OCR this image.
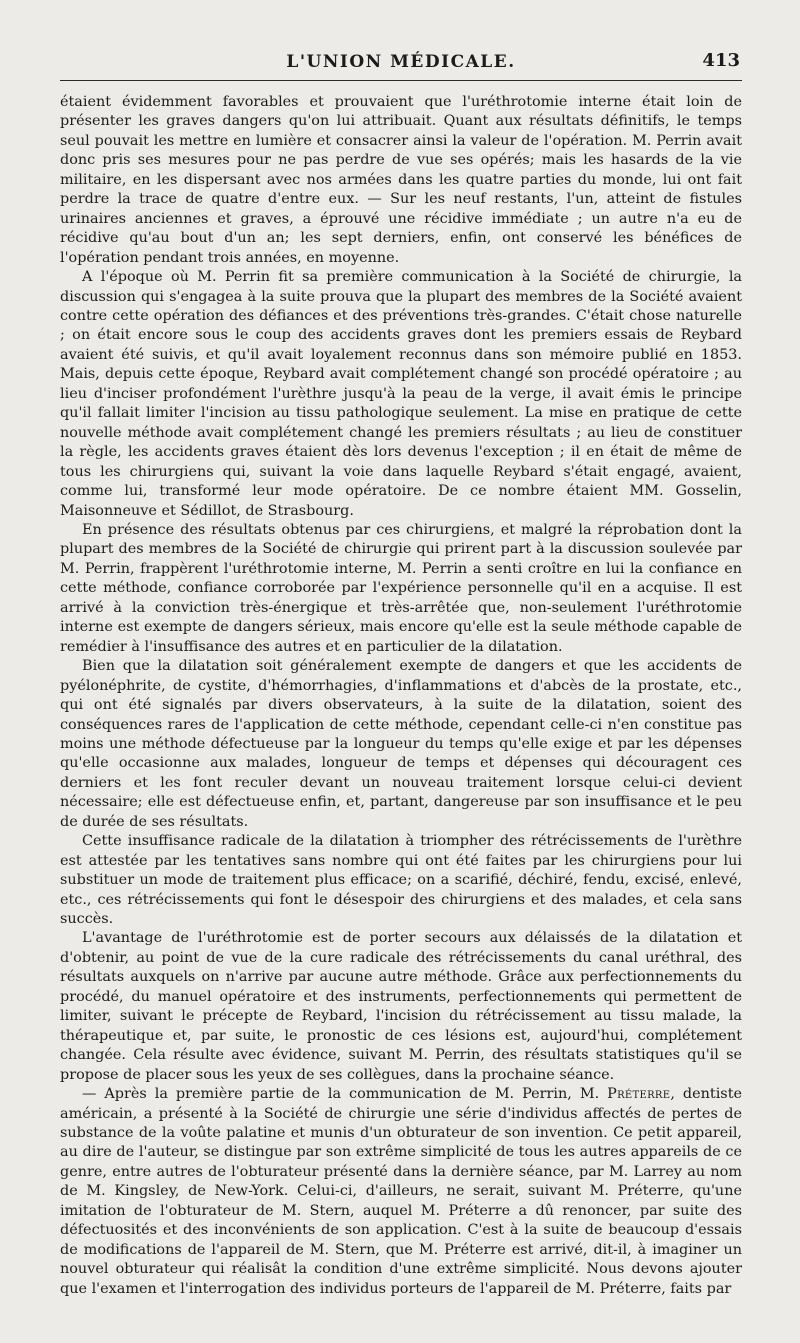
L'UNION MÉDICALE.	413

étaient évidemment favorables et prouvaient que l'uréthrotomie interne était loin de présenter les graves dangers qu'on lui attribuait. Quant aux résultats définitifs, le temps seul pouvait les mettre en lumière et consacrer ainsi la valeur de l'opération. M. Perrin avait donc pris ses mesures pour ne pas perdre de vue ses opérés; mais les hasards de la vie militaire, en les dispersant avec nos armées dans les quatre parties du monde, lui ont fait perdre la trace de quatre d'entre eux. — Sur les neuf restants, l'un, atteint de fistules urinaires anciennes et graves, a éprouvé une récidive immédiate ; un autre n'a eu de récidive qu'au bout d'un an; les sept derniers, enfin, ont conservé les bénéfices de l'opération pendant trois années, en moyenne.

A l'époque où M. Perrin fit sa première communication à la Société de chirurgie, la discussion qui s'engagea à la suite prouva que la plupart des membres de la Société avaient contre cette opération des défiances et des préventions très-grandes. C'était chose naturelle ; on était encore sous le coup des accidents graves dont les premiers essais de Reybard avaient été suivis, et qu'il avait loyalement reconnus dans son mémoire publié en 1853. Mais, depuis cette époque, Reybard avait complétement changé son procédé opératoire ; au lieu d'inciser profondément l'urèthre jusqu'à la peau de la verge, il avait émis le principe qu'il fallait limiter l'incision au tissu pathologique seulement. La mise en pratique de cette nouvelle méthode avait complétement changé les premiers résultats ; au lieu de constituer la règle, les accidents graves étaient dès lors devenus l'exception ; il en était de même de tous les chirurgiens qui, suivant la voie dans laquelle Reybard s'était engagé, avaient, comme lui, transformé leur mode opératoire. De ce nombre étaient MM. Gosselin, Maisonneuve et Sédillot, de Strasbourg.

En présence des résultats obtenus par ces chirurgiens, et malgré la réprobation dont la plupart des membres de la Société de chirurgie qui prirent part à la discussion soulevée par M. Perrin, frappèrent l'uréthrotomie interne, M. Perrin a senti croître en lui la confiance en cette méthode, confiance corroborée par l'expérience personnelle qu'il en a acquise. Il est arrivé à la conviction très-énergique et très-arrêtée que, non-seulement l'uréthrotomie interne est exempte de dangers sérieux, mais encore qu'elle est la seule méthode capable de remédier à l'insuffisance des autres et en particulier de la dilatation.

Bien que la dilatation soit généralement exempte de dangers et que les accidents de pyélonéphrite, de cystite, d'hémorrhagies, d'inflammations et d'abcès de la prostate, etc., qui ont été signalés par divers observateurs, à la suite de la dilatation, soient des conséquences rares de l'application de cette méthode, cependant celle-ci n'en constitue pas moins une méthode défectueuse par la longueur du temps qu'elle exige et par les dépenses qu'elle occasionne aux malades, longueur de temps et dépenses qui découragent ces derniers et les font reculer devant un nouveau traitement lorsque celui-ci devient nécessaire; elle est défectueuse enfin, et, partant, dangereuse par son insuffisance et le peu de durée de ses résultats.

Cette insuffisance radicale de la dilatation à triompher des rétrécissements de l'urèthre est attestée par les tentatives sans nombre qui ont été faites par les chirurgiens pour lui substituer un mode de traitement plus efficace; on a scarifié, déchiré, fendu, excisé, enlevé, etc., ces rétrécissements qui font le désespoir des chirurgiens et des malades, et cela sans succès.

L'avantage de l'uréthrotomie est de porter secours aux délaissés de la dilatation et d'obtenir, au point de vue de la cure radicale des rétrécissements du canal uréthral, des résultats auxquels on n'arrive par aucune autre méthode. Grâce aux perfectionnements du procédé, du manuel opératoire et des instruments, perfectionnements qui permettent de limiter, suivant le précepte de Reybard, l'incision du rétrécissement au tissu malade, la thérapeutique et, par suite, le pronostic de ces lésions est, aujourd'hui, complétement changée. Cela résulte avec évidence, suivant M. Perrin, des résultats statistiques qu'il se propose de placer sous les yeux de ses collègues, dans la prochaine séance.

— Après la première partie de la communication de M. Perrin, M. Préterre, dentiste américain, a présenté à la Société de chirurgie une série d'individus affectés de pertes de substance de la voûte palatine et munis d'un obturateur de son invention. Ce petit appareil, au dire de l'auteur, se distingue par son extrême simplicité de tous les autres appareils de ce genre, entre autres de l'obturateur présenté dans la dernière séance, par M. Larrey au nom de M. Kingsley, de New-York. Celui-ci, d'ailleurs, ne serait, suivant M. Préterre, qu'une imitation de l'obturateur de M. Stern, auquel M. Préterre a dû renoncer, par suite des défectuosités et des inconvénients de son application. C'est à la suite de beaucoup d'essais de modifications de l'appareil de M. Stern, que M. Préterre est arrivé, dit-il, à imaginer un nouvel obturateur qui réalisât la condition d'une extrême simplicité. Nous devons ajouter que l'examen et l'interrogation des individus porteurs de l'appareil de M. Préterre, faits par
